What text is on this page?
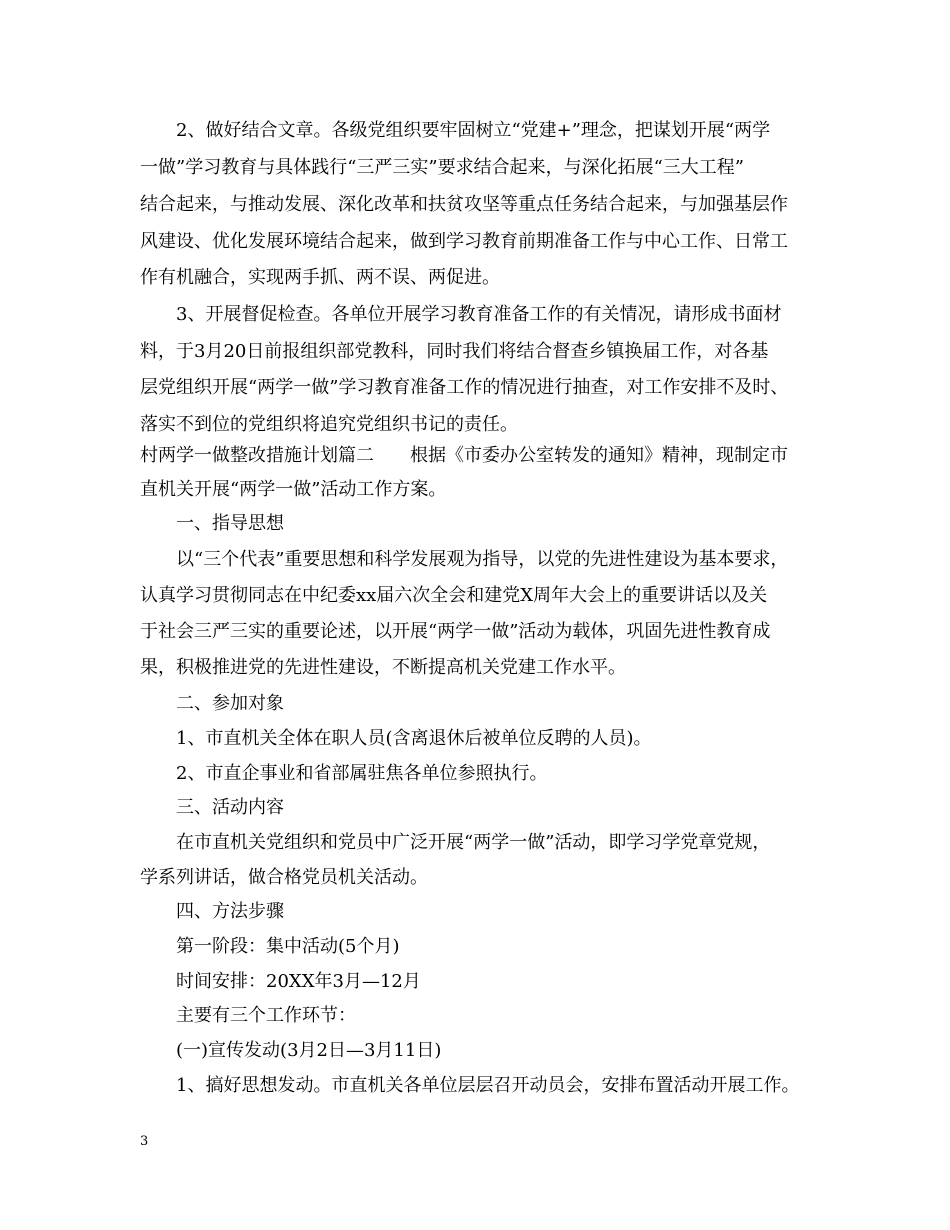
2、做好结合文章。各级党组织要牢固树立“党建+”理念，把谋划开展“两学
一做”学习教育与具体践行“三严三实”要求结合起来，与深化拓展“三大工程”
结合起来，与推动发展、深化改革和扶贫攻坚等重点任务结合起来，与加强基层作
风建设、优化发展环境结合起来，做到学习教育前期准备工作与中心工作、日常工
作有机融合，实现两手抓、两不误、两促进。
3、开展督促检查。各单位开展学习教育准备工作的有关情况，请形成书面材
料，于3月20日前报组织部党教科，同时我们将结合督查乡镇换届工作，对各基
层党组织开展“两学一做”学习教育准备工作的情况进行抽查，对工作安排不及时、
落实不到位的党组织将追究党组织书记的责任。
村两学一做整改措施计划篇二　　根据《市委办公室转发的通知》精神，现制定市
直机关开展“两学一做”活动工作方案。
一、指导思想
以“三个代表”重要思想和科学发展观为指导，以党的先进性建设为基本要求，
认真学习贯彻同志在中纪委xx届六次全会和建党X周年大会上的重要讲话以及关
于社会三严三实的重要论述，以开展“两学一做”活动为载体，巩固先进性教育成
果，积极推进党的先进性建设，不断提高机关党建工作水平。
二、参加对象
1、市直机关全体在职人员(含离退休后被单位反聘的人员)。
2、市直企事业和省部属驻焦各单位参照执行。
三、活动内容
在市直机关党组织和党员中广泛开展“两学一做”活动，即学习学党章党规，
学系列讲话，做合格党员机关活动。
四、方法步骤
第一阶段：集中活动(5个月)
时间安排：20XX年3月—12月
主要有三个工作环节：
(一)宣传发动(3月2日—3月11日)
1、搞好思想发动。市直机关各单位层层召开动员会，安排布置活动开展工作。
3
